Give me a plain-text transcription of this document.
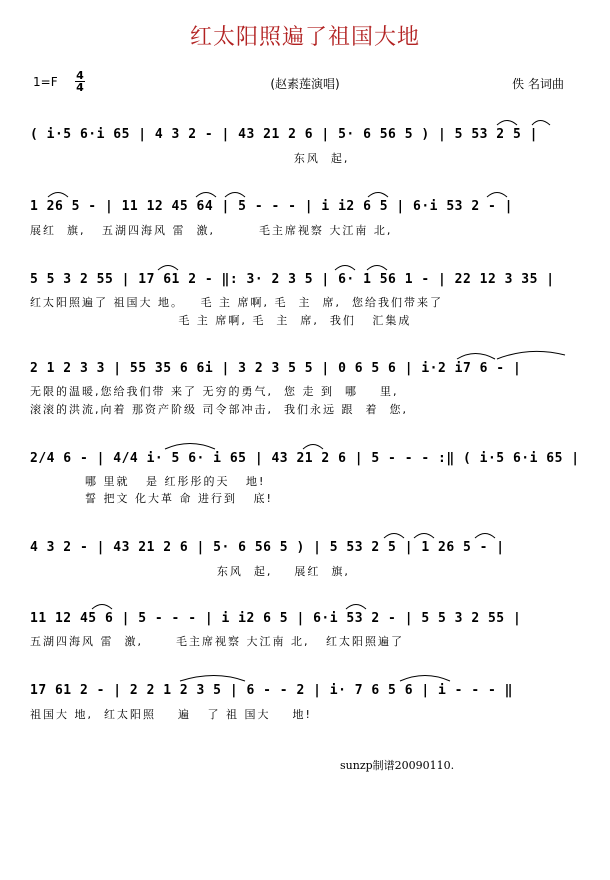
红太阳照遍了祖国大地
1=F 4
4	(赵素莲演唱)	佚 名词曲
( i·5 6·i 65 | 4 3 2 - | 43 21 2 6 | 5· 6 56 5 ) | 5 53 2 5 |
东风  起,
1 26 5 - | 11 12 45 64 | 5 - - - | i i2 6 5 | 6·i 53 2 - |
展红  旗,   五湖四海风 雷  激,        毛主席视察 大江南 北,
5 5 3 2 55 | 17 61 2 - ‖: 3· 2 3 5 | 6· 1 56 1 - | 22 12 3 35 |
红太阳照遍了 祖国大 地。   毛 主 席啊, 毛  主  席,  您给我们带来了
毛 主 席啊, 毛  主  席,  我们   汇集成
2 1 2 3 3 | 55 35 6 6i | 3 2 3 5 5 | 0 6 5 6 | i·2 i7 6 - |
无限的温暖,您给我们带 来了 无穷的勇气,  您 走 到  哪    里,
滚滚的洪流,向着 那资产阶级 司令部冲击,  我们永远 跟  着  您,
2/4 6 - | 4/4 i· 5 6· i 65 | 43 21 2 6 | 5 - - - :‖ ( i·5 6·i 65 |
哪 里就   是 红彤彤的天   地!
誓 把文 化大革 命 进行到   底!
4 3 2 - | 43 21 2 6 | 5· 6 56 5 ) | 5 53 2 5 | 1 26 5 - |
东风  起,    展红  旗,
11 12 45 6 | 5 - - - | i i2 6 5 | 6·i 53 2 - | 5 5 3 2 55 |
五湖四海风 雷  激,      毛主席视察 大江南 北,   红太阳照遍了
17 61 2 - | 2 2 1 2 3 5 | 6 - - 2 | i· 7 6 5 6 | i - - - ‖
祖国大 地,  红太阳照    遍   了 祖 国大    地!
sunzp制谱20090110.
